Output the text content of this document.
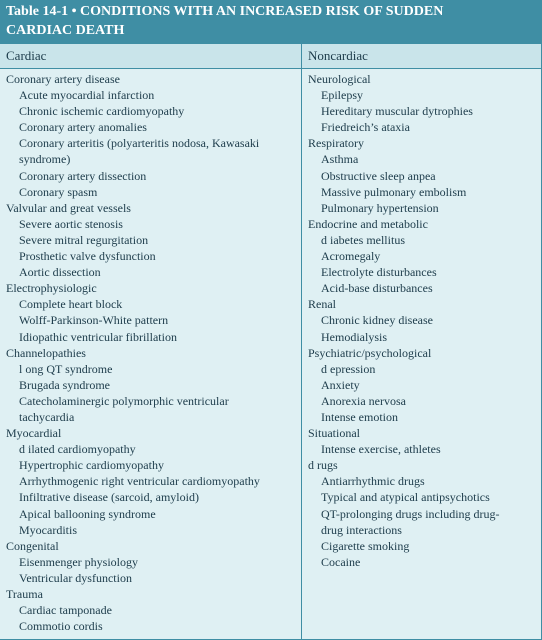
Table 14-1 • CONDITIONS WITH AN INCREASED RISK OF SUDDEN
CARDIAC DEATH
Cardiac	Noncardiac
Coronary artery disease
Acute myocardial infarction
Chronic ischemic cardiomyopathy
Coronary artery anomalies
Coronary arteritis (polyarteritis nodosa, Kawasaki
syndrome)
Coronary artery dissection
Coronary spasm
Valvular and great vessels
Severe aortic stenosis
Severe mitral regurgitation
Prosthetic valve dysfunction
Aortic dissection
Electrophysiologic
Complete heart block
Wolff-Parkinson-White pattern
Idiopathic ventricular fibrillation
Channelopathies
l ong QT syndrome
Brugada syndrome
Catecholaminergic polymorphic ventricular
tachycardia
Myocardial
d ilated cardiomyopathy
Hypertrophic cardiomyopathy
Arrhythmogenic right ventricular cardiomyopathy
Infiltrative disease (sarcoid, amyloid)
Apical ballooning syndrome
Myocarditis
Congenital
Eisenmenger physiology
Ventricular dysfunction
Trauma
Cardiac tamponade
Commotio cordis
Neurological
Epilepsy
Hereditary muscular dytrophies
Friedreich’s ataxia
Respiratory
Asthma
Obstructive sleep anpea
Massive pulmonary embolism
Pulmonary hypertension
Endocrine and metabolic
d iabetes mellitus
Acromegaly
Electrolyte disturbances
Acid-base disturbances
Renal
Chronic kidney disease
Hemodialysis
Psychiatric/psychological
d epression
Anxiety
Anorexia nervosa
Intense emotion
Situational
Intense exercise, athletes
d rugs
Antiarrhythmic drugs
Typical and atypical antipsychotics
QT-prolonging drugs including drug-
drug interactions
Cigarette smoking
Cocaine
